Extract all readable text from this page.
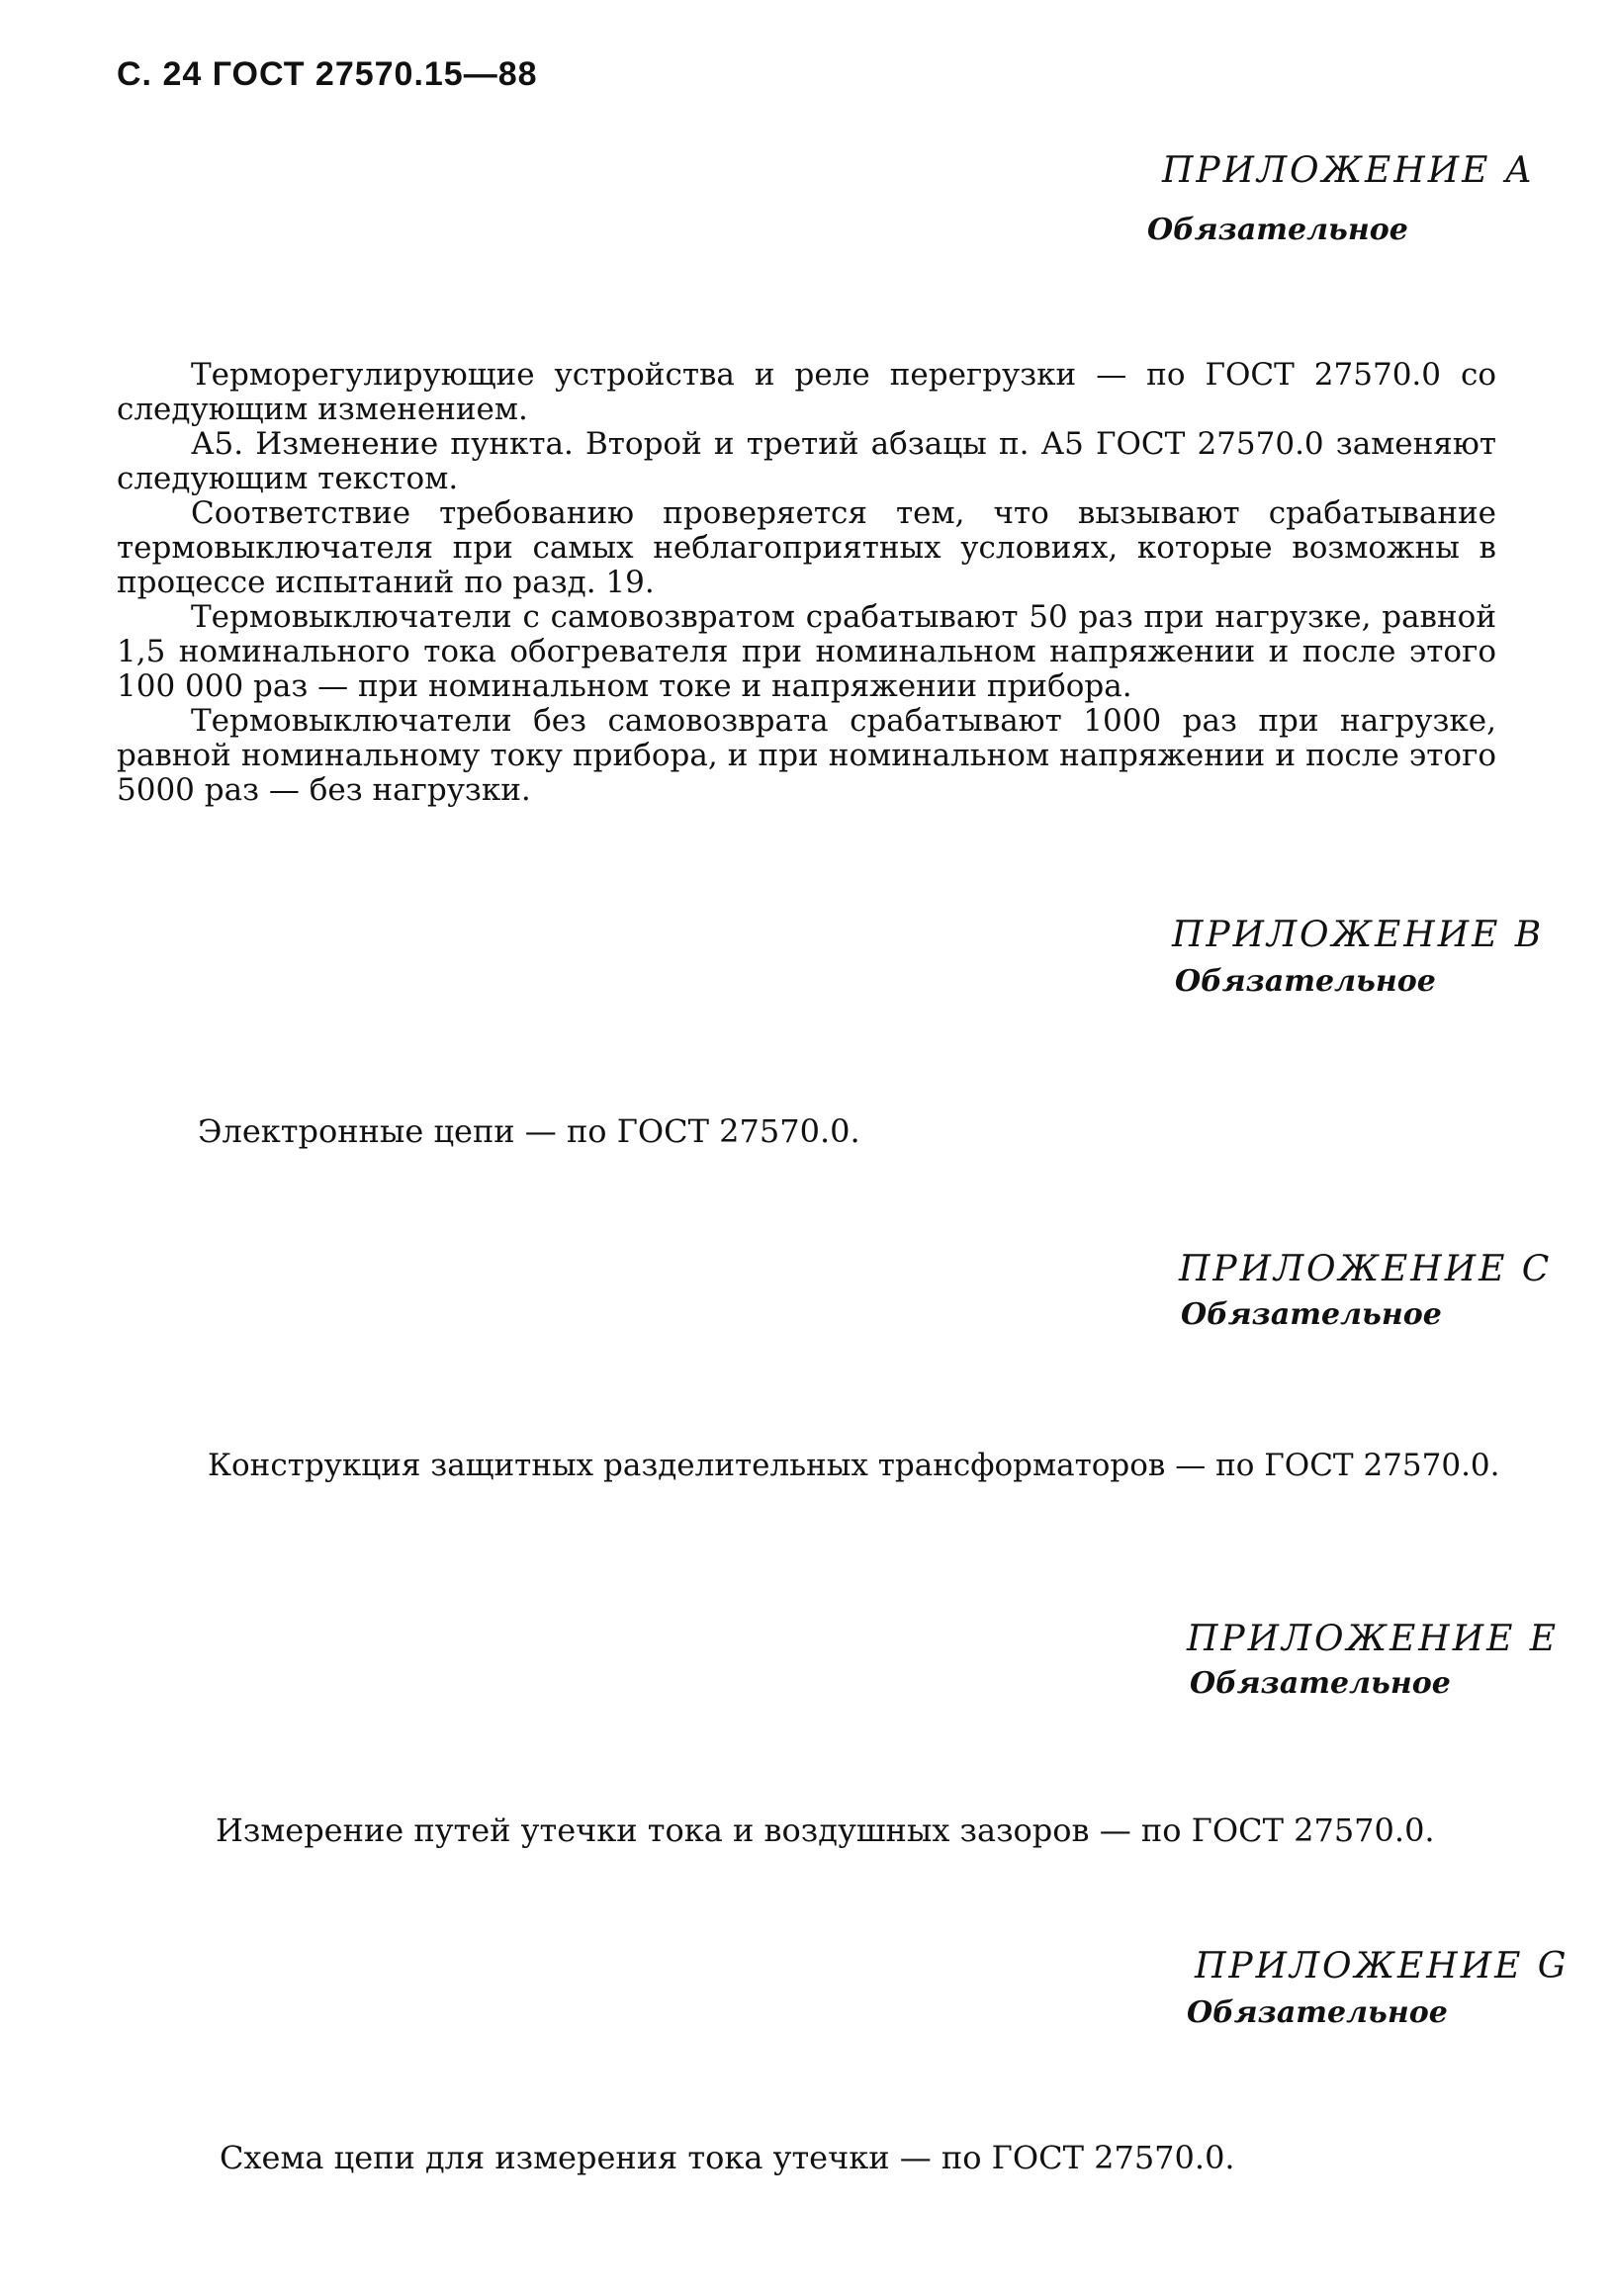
С. 24 ГОСТ 27570.15—88
ПРИЛОЖЕНИЕ А
Обязательное

Терморегулирующие устройства и реле перегрузки — по ГОСТ 27570.0 со следующим изменением.

А5. Изменение пункта. Второй и третий абзацы п. А5 ГОСТ 27570.0 заменяют следующим текстом.

Соответствие требованию проверяется тем, что вызывают срабатывание термовыключателя при самых неблагоприятных условиях, которые возможны в процессе испытаний по разд. 19.

Термовыключатели с самовозвратом срабатывают 50 раз при нагрузке, равной 1,5 номинального тока обогревателя при номинальном напряжении и после этого 100 000 раз — при номинальном токе и напряжении прибора.

Термовыключатели без самовозврата срабатывают 1000 раз при нагрузке, равной номинальному току прибора, и при номинальном напряжении и после этого 5000 раз — без нагрузки.

ПРИЛОЖЕНИЕ В
Обязательное
Электронные цепи — по ГОСТ 27570.0.
ПРИЛОЖЕНИЕ С
Обязательное

Конструкция защитных разделительных трансформаторов — по ГОСТ 27570.0.

ПРИЛОЖЕНИЕ Е
Обязательное
Измерение путей утечки тока и воздушных зазоров — по ГОСТ 27570.0.
ПРИЛОЖЕНИЕ G
Обязательное
Схема цепи для измерения тока утечки — по ГОСТ 27570.0.
